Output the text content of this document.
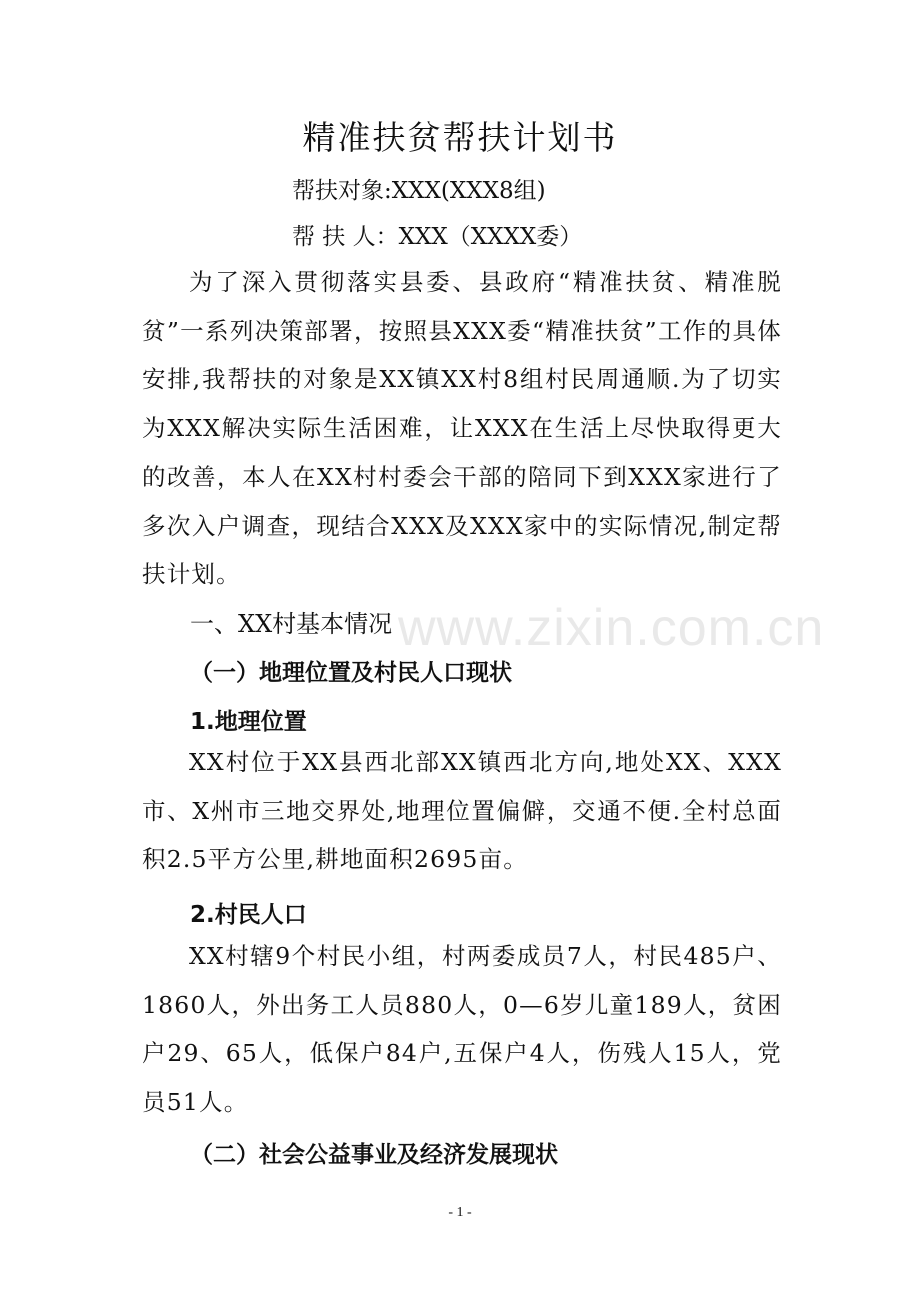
精准扶贫帮扶计划书
帮扶对象:XXX(XXX8组)
帮 扶 人：XXX（XXXX委）
为了深入贯彻落实县委、县政府“精准扶贫、精准脱贫”一系列决策部署，按照县XXX委“精准扶贫”工作的具体安排,我帮扶的对象是XX镇XX村8组村民周通顺.为了切实为XXX解决实际生活困难，让XXX在生活上尽快取得更大的改善，本人在XX村村委会干部的陪同下到XXX家进行了多次入户调查，现结合XXX及XXX家中的实际情况,制定帮扶计划。
一、XX村基本情况 www.zixin.com.cn
（一）地理位置及村民人口现状
1.地理位置
XX村位于XX县西北部XX镇西北方向,地处XX、XXX市、X州市三地交界处,地理位置偏僻，交通不便.全村总面积2.5平方公里,耕地面积2695亩。
2.村民人口
XX村辖9个村民小组，村两委成员7人，村民485户、1860人，外出务工人员880人，0—6岁儿童189人，贫困户29、65人，低保户84户,五保户4人，伤残人15人，党员51人。
（二）社会公益事业及经济发展现状
- 1 -
